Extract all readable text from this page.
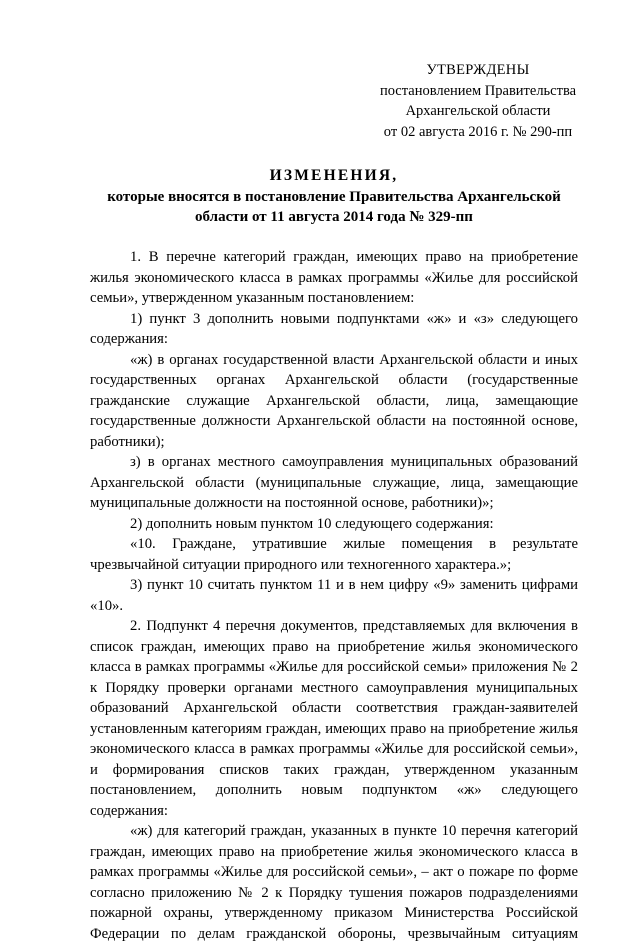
УТВЕРЖДЕНЫ
постановлением Правительства
Архангельской области
от 02 августа 2016 г. № 290-пп
ИЗМЕНЕНИЯ,
которые вносятся в постановление Правительства Архангельской области от 11 августа 2014 года № 329-пп

1. В перечне категорий граждан, имеющих право на приобретение жилья экономического класса в рамках программы «Жилье для российской семьи», утвержденном указанным постановлением:

1) пункт 3 дополнить новыми подпунктами «ж» и «з» следующего содержания:

«ж) в органах государственной власти Архангельской области и иных государственных органах Архангельской области (государственные гражданские служащие Архангельской области, лица, замещающие государственные должности Архангельской области на постоянной основе, работники);

з) в органах местного самоуправления муниципальных образований Архангельской области (муниципальные служащие, лица, замещающие муниципальные должности на постоянной основе, работники)»;

2) дополнить новым пунктом 10 следующего содержания:

«10. Граждане, утратившие жилые помещения в результате чрезвычайной ситуации природного или техногенного характера.»;

3) пункт 10 считать пунктом 11 и в нем цифру «9» заменить цифрами «10».

2. Подпункт 4 перечня документов, представляемых для включения в список граждан, имеющих право на приобретение жилья экономического класса в рамках программы «Жилье для российской семьи» приложения № 2 к Порядку проверки органами местного самоуправления муниципальных образований Архангельской области соответствия граждан-заявителей установленным категориям граждан, имеющих право на приобретение жилья экономического класса в рамках программы «Жилье для российской семьи», и формирования списков таких граждан, утвержденном указанным постановлением, дополнить новым подпунктом «ж» следующего содержания:

«ж) для категорий граждан, указанных в пункте 10 перечня категорий граждан, имеющих право на приобретение жилья экономического класса в рамках программы «Жилье для российской семьи», – акт о пожаре по форме согласно приложению № 2 к Порядку тушения пожаров подразделениями пожарной охраны, утвержденному приказом Министерства Российской Федерации по делам гражданской обороны, чрезвычайным ситуациям
